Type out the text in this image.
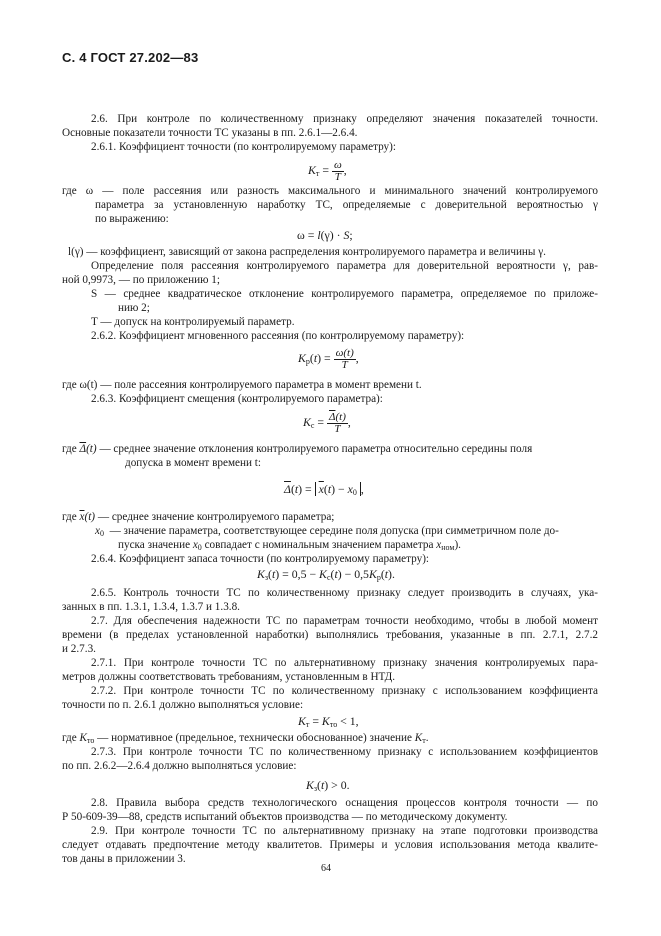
С. 4 ГОСТ 27.202—83
2.6. При контроле по количественному признаку определяют значения показателей точности.
Основные показатели точности ТС указаны в пп. 2.6.1—2.6.4.
2.6.1. Коэффициент точности (по контролируемому параметру):
$K_т = \frac{\omega}{T}$ ,
где ω — поле рассеяния или разность максимального и минимального значений контролируемого
параметра за установленную наработку ТС, определяемые с доверительной вероятностью γ
по выражению:
ω = l(γ) · S;
l(γ) — коэффициент, зависящий от закона распределения контролируемого параметра и величины γ.
Определение поля рассеяния контролируемого параметра для доверительной вероятности γ, рав-
ной 0,9973, — по приложению 1;
S — среднее квадратическое отклонение контролируемого параметра, определяемое по приложе-
нию 2;
T — допуск на контролируемый параметр.
2.6.2. Коэффициент мгновенного рассеяния (по контролируемому параметру):
$K_p(t) = \frac{\omega(t)}{T}$ ,
где ω(t) — поле рассеяния контролируемого параметра в момент времени t.
2.6.3. Коэффициент смещения (контролируемого параметра):
$K_с = \frac{\overline{\Delta}(t)}{T}$ ,
где $\overline{\Delta}(t)$ — среднее значение отклонения контролируемого параметра относительно середины поля
допуска в момент времени t:
$\overline{\Delta}(t) = \overline{x}(t) - x_0$ ,
где $\overline{x}(t)$ — среднее значение контролируемого параметра;
$x_0$ — значение параметра, соответствующее середине поля допуска (при симметричном поле до-
пуска значение $x_0$ совпадает с номинальным значением параметра $x_{ном}$).
2.6.4. Коэффициент запаса точности (по контролируемому параметру):
$K_з(t) = 0,5 - K_с(t) - 0,5K_p(t)$.
2.6.5. Контроль точности ТС по количественному признаку следует производить в случаях, ука-
занных в пп. 1.3.1, 1.3.4, 1.3.7 и 1.3.8.
2.7. Для обеспечения надежности ТС по параметрам точности необходимо, чтобы в любой момент
времени (в пределах установленной наработки) выполнялись требования, указанные в пп. 2.7.1, 2.7.2
и 2.7.3.
2.7.1. При контроле точности ТС по альтернативному признаку значения контролируемых пара-
метров должны соответствовать требованиям, установленным в НТД.
2.7.2. При контроле точности ТС по количественному признаку с использованием коэффициента
точности по п. 2.6.1 должно выполняться условие:
$K_т = K_{то} < 1$,
где $K_{то}$ — нормативное (предельное, технически обоснованное) значение $K_т$.
2.7.3. При контроле точности ТС по количественному признаку с использованием коэффициентов
по пп. 2.6.2—2.6.4 должно выполняться условие:
$K_з(t) > 0$.
2.8. Правила выбора средств технологического оснащения процессов контроля точности — по
Р 50-609-39—88, средств испытаний объектов производства — по методическому документу.
2.9. При контроле точности ТС по альтернативному признаку на этапе подготовки производства
следует отдавать предпочтение методу квалитетов. Примеры и условия использования метода квалите-
тов даны в приложении 3.
64
